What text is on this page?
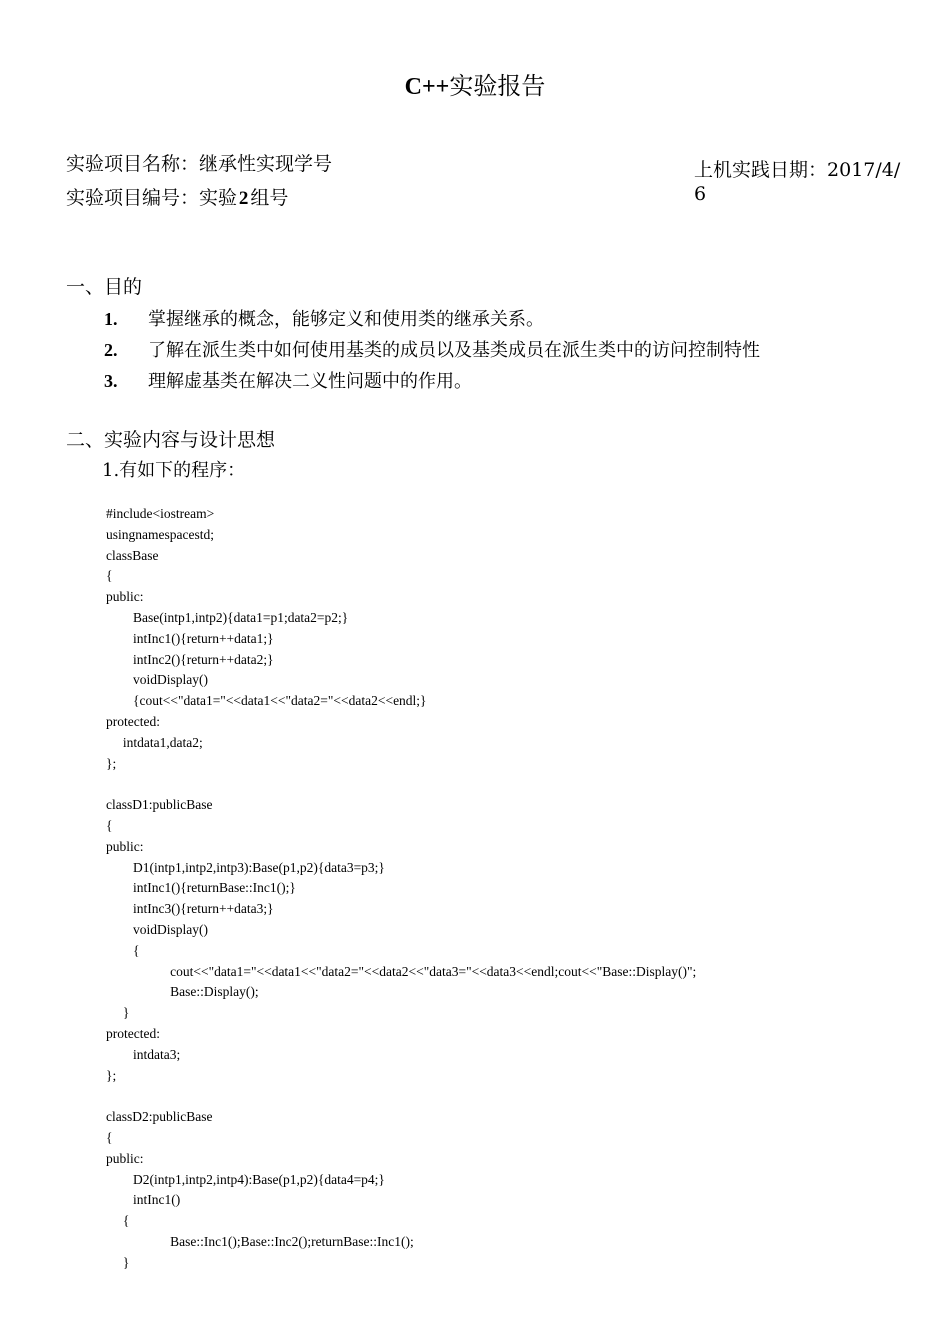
C++实验报告
实验项目名称：继承性实现学号
实验项目编号：实验  2  组号
上机实践日期：2017/4/6
一、目的
1. 掌握继承的概念，能够定义和使用类的继承关系。
2. 了解在派生类中如何使用基类的成员以及基类成员在派生类中的访问控制特性
3. 理解虚基类在解决二义性问题中的作用。
二、实验内容与设计思想
1.有如下的程序：
#include<iostream>
usingnamespacestd;
classBase
{
public:
Base(intp1,intp2){data1=p1;data2=p2;}
intInc1(){return++data1;}
intInc2(){return++data2;}
voidDisplay()
{cout<<"data1="<<data1<<"data2="<<data2<<endl;}
protected:
intdata1,data2;
};
classD1:publicBase
{
public:
D1(intp1,intp2,intp3):Base(p1,p2){data3=p3;}
intInc1(){returnBase::Inc1();}
intInc3(){return++data3;}
voidDisplay()
{
cout<<"data1="<<data1<<"data2="<<data2<<"data3="<<data3<<endl;cout<<"Base::Display()";
Base::Display();
}
protected:
intdata3;
};
classD2:publicBase
{
public:
D2(intp1,intp2,intp4):Base(p1,p2){data4=p4;}
intInc1()
{
Base::Inc1();Base::Inc2();returnBase::Inc1();
}
